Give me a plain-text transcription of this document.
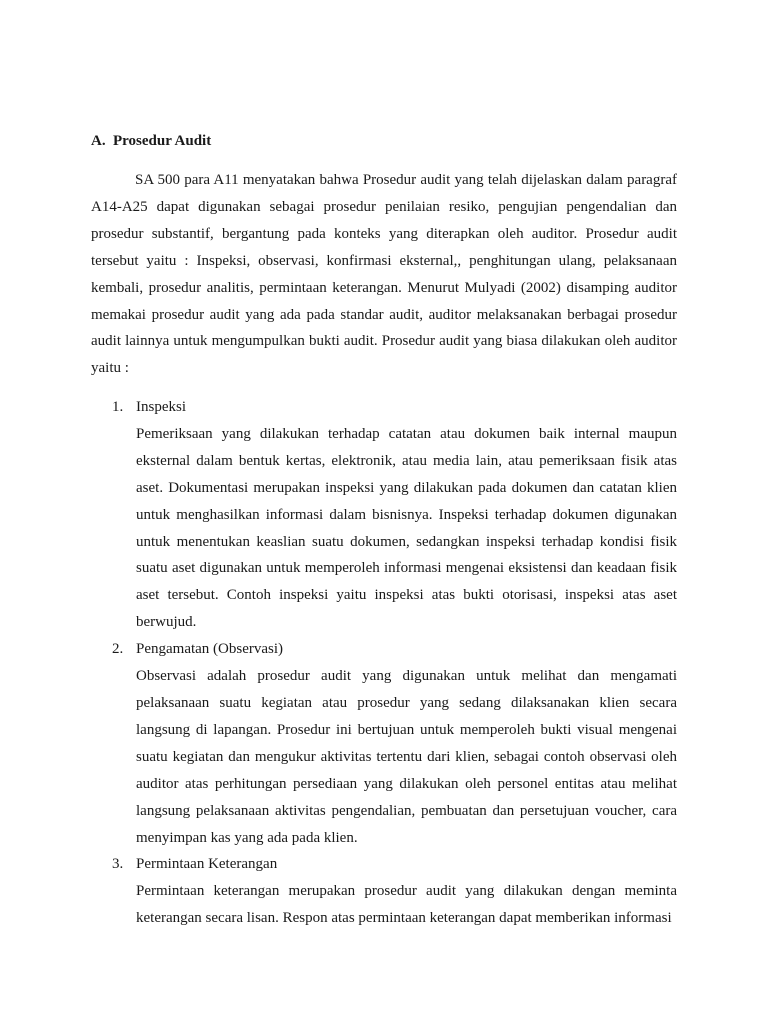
A. Prosedur Audit

SA 500 para A11 menyatakan bahwa Prosedur audit yang telah dijelaskan dalam paragraf A14-A25 dapat digunakan sebagai prosedur penilaian resiko, pengujian pengendalian dan prosedur substantif, bergantung pada konteks yang diterapkan oleh auditor. Prosedur audit tersebut yaitu : Inspeksi, observasi, konfirmasi eksternal,, penghitungan ulang, pelaksanaan kembali, prosedur analitis, permintaan keterangan. Menurut Mulyadi (2002) disamping auditor memakai prosedur audit yang ada pada standar audit, auditor melaksanakan berbagai prosedur audit lainnya untuk mengumpulkan bukti audit. Prosedur audit yang biasa dilakukan oleh auditor yaitu :

1. Inspeksi
Pemeriksaan yang dilakukan terhadap catatan atau dokumen baik internal maupun eksternal dalam bentuk kertas, elektronik, atau media lain, atau pemeriksaan fisik atas aset. Dokumentasi merupakan inspeksi yang dilakukan pada dokumen dan catatan klien untuk menghasilkan informasi dalam bisnisnya. Inspeksi terhadap dokumen digunakan untuk menentukan keaslian suatu dokumen, sedangkan inspeksi terhadap kondisi fisik suatu aset digunakan untuk memperoleh informasi mengenai eksistensi dan keadaan fisik aset tersebut. Contoh inspeksi yaitu inspeksi atas bukti otorisasi, inspeksi atas aset berwujud.
2. Pengamatan (Observasi)
Observasi adalah prosedur audit yang digunakan untuk melihat dan mengamati pelaksanaan suatu kegiatan atau prosedur yang sedang dilaksanakan klien secara langsung di lapangan. Prosedur ini bertujuan untuk memperoleh bukti visual mengenai suatu kegiatan dan mengukur aktivitas tertentu dari klien, sebagai contoh observasi oleh auditor atas perhitungan persediaan yang dilakukan oleh personel entitas atau melihat langsung pelaksanaan aktivitas pengendalian, pembuatan dan persetujuan voucher, cara menyimpan kas yang ada pada klien.
3. Permintaan Keterangan
Permintaan keterangan merupakan prosedur audit yang dilakukan dengan meminta keterangan secara lisan. Respon atas permintaan keterangan dapat memberikan informasi
